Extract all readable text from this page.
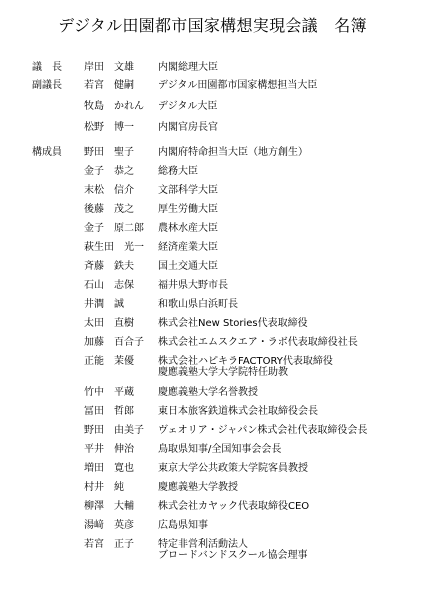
デジタル田園都市国家構想実現会議　名簿
議　長 岸田　文雄 内閣総理大臣
副議長 若宮　健嗣 デジタル田園都市国家構想担当大臣
牧島　かれん デジタル大臣
松野　博一 内閣官房長官
構成員 野田　聖子 内閣府特命担当大臣（地方創生）
金子　恭之 総務大臣
末松　信介 文部科学大臣
後藤　茂之 厚生労働大臣
金子　原二郎 農林水産大臣
萩生田　光一 経済産業大臣
斉藤　鉄夫 国土交通大臣
石山　志保 福井県大野市長
井澗　誠	和歌山県白浜町長
太田　直樹 株式会社New Stories代表取締役
加藤　百合子 株式会社エムスクエア・ラボ代表取締役社長
正能　茉優 株式会社ハピキラFACTORY代表取締役
慶應義塾大学大学院特任助教
竹中　平蔵 慶應義塾大学名誉教授
冨田　哲郎 東日本旅客鉄道株式会社取締役会長
野田　由美子 ヴェオリア・ジャパン株式会社代表取締役会長
平井　伸治 鳥取県知事/全国知事会会長
増田　寛也 東京大学公共政策大学院客員教授
村井　純	慶應義塾大学教授
柳澤　大輔 株式会社カヤック代表取締役CEO
湯﨑　英彦 広島県知事
若宮　正子 特定非営利活動法人
ブロードバンドスクール協会理事
